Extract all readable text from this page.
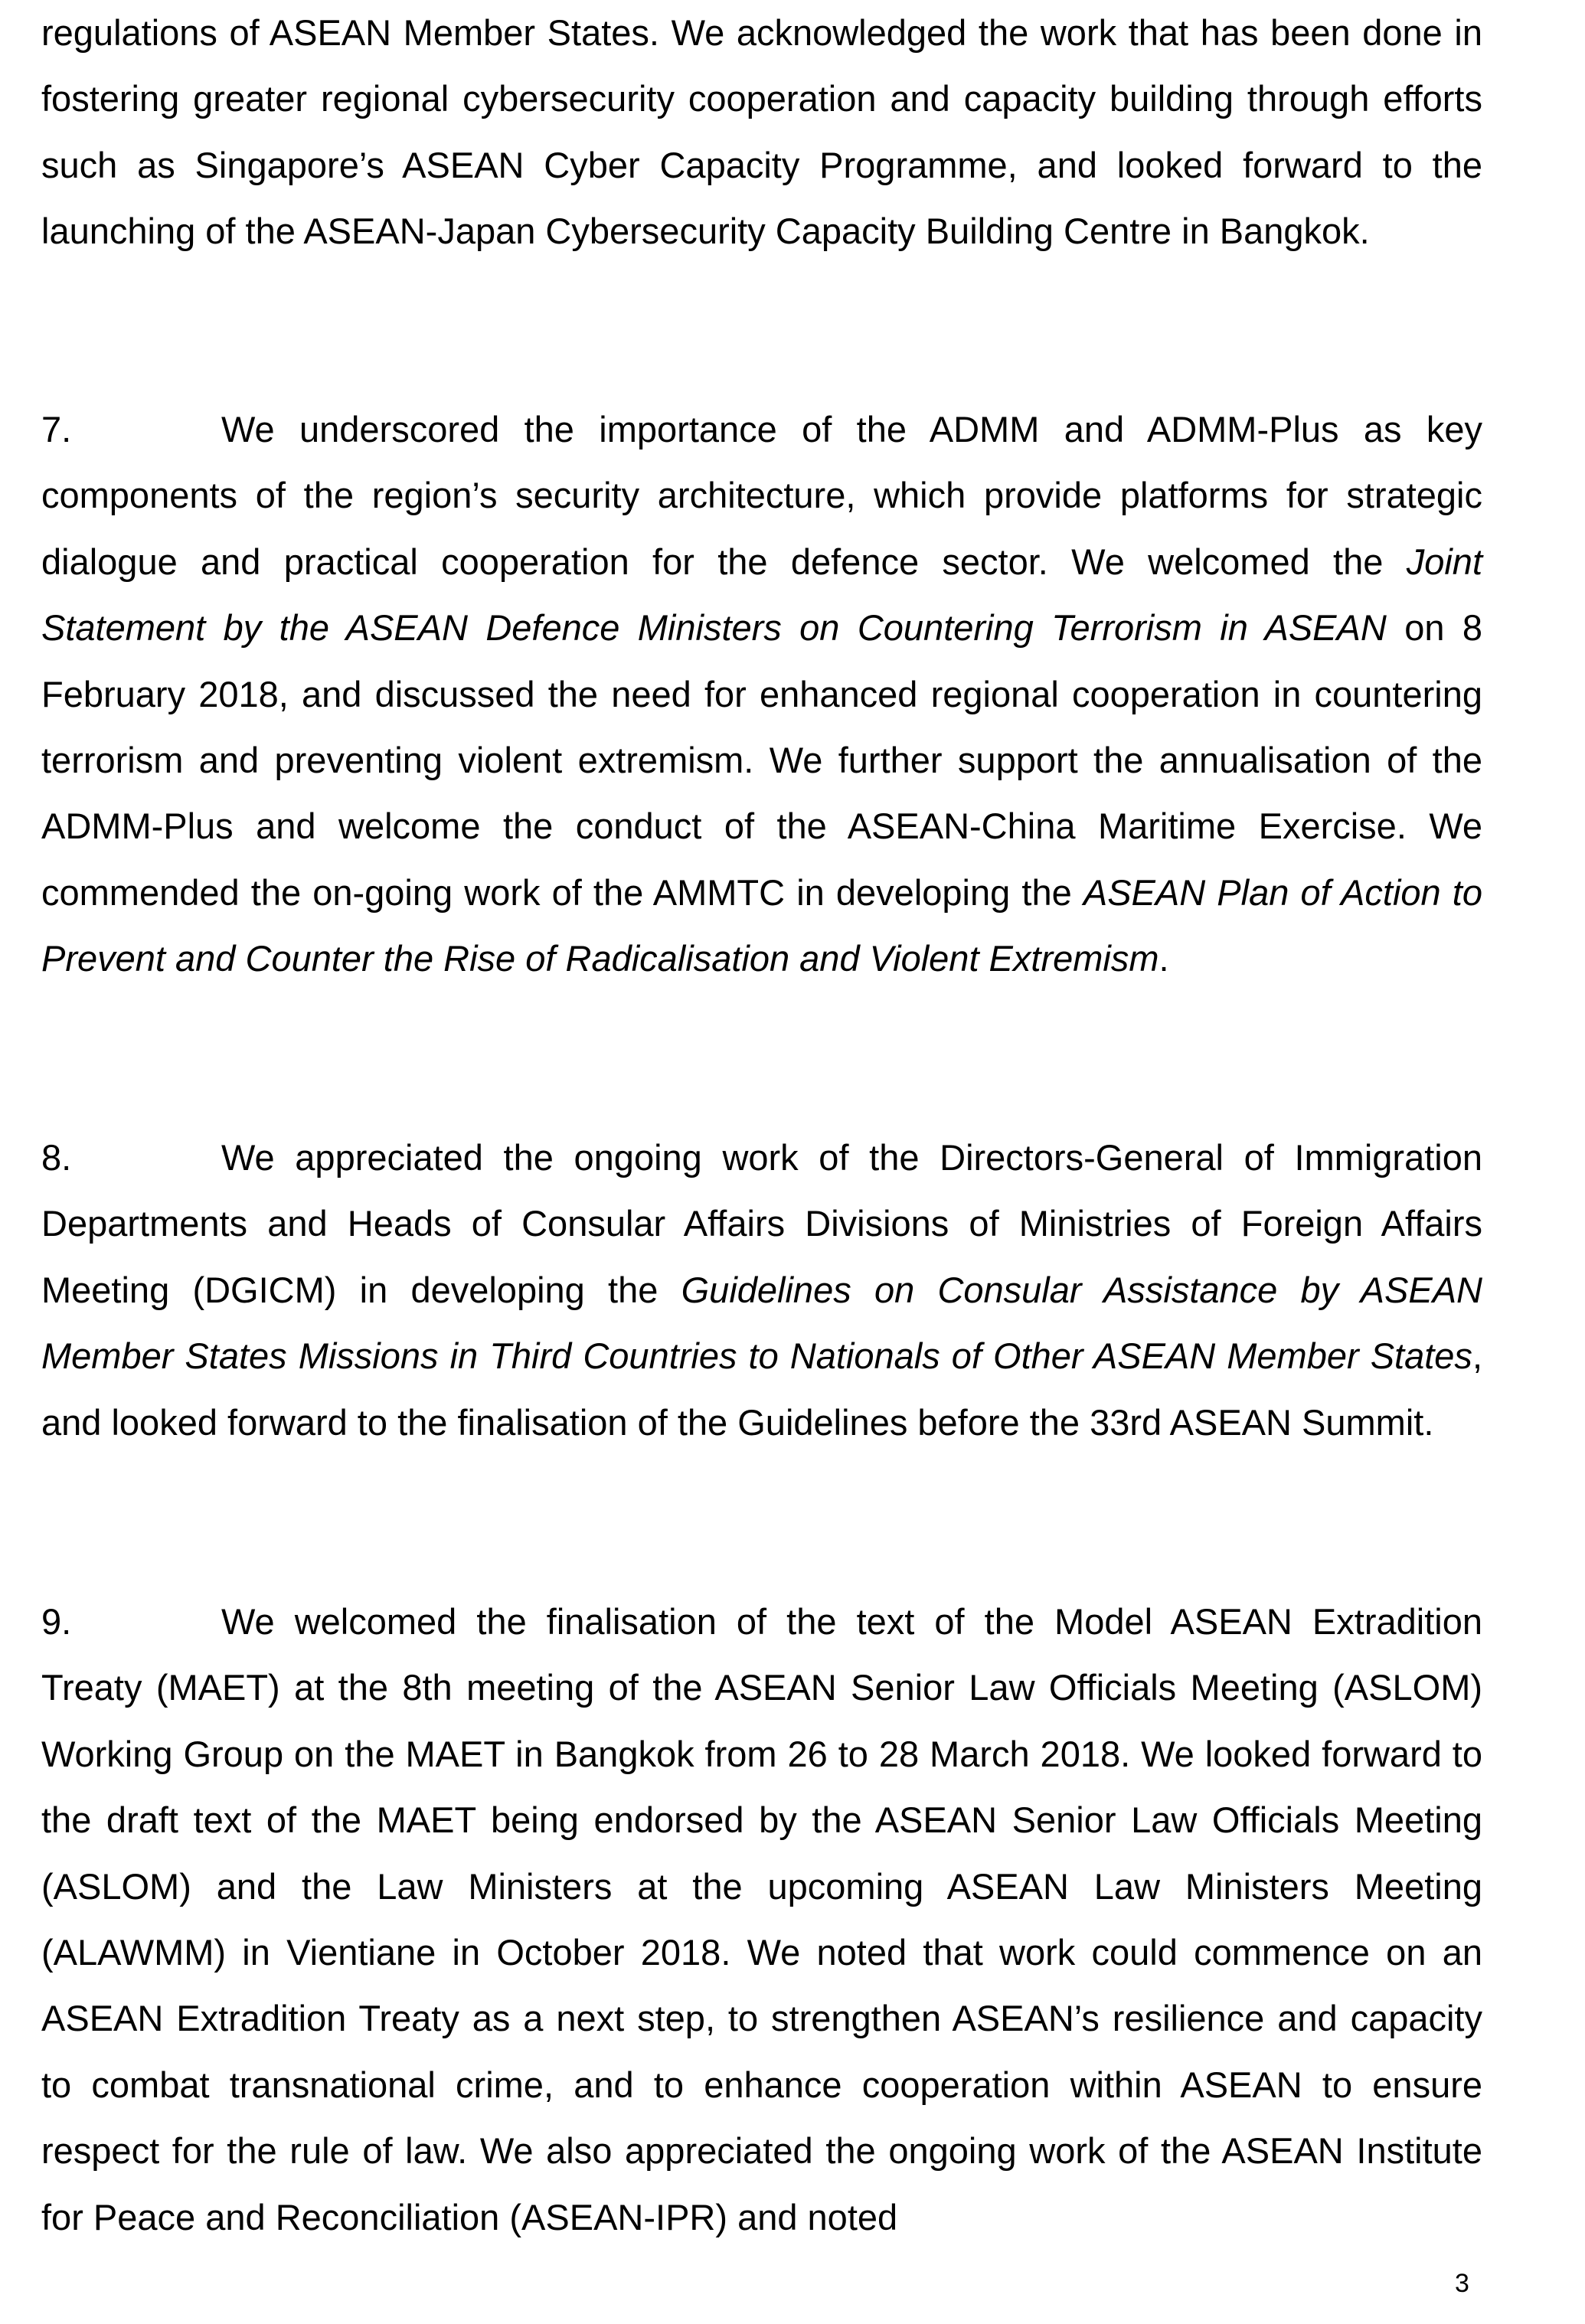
regulations of ASEAN Member States. We acknowledged the work that has been done in fostering greater regional cybersecurity cooperation and capacity building through efforts such as Singapore’s ASEAN Cyber Capacity Programme, and looked forward to the launching of the ASEAN-Japan Cybersecurity Capacity Building Centre in Bangkok.

7.	We underscored the importance of the ADMM and ADMM-Plus as key components of the region’s security architecture, which provide platforms for strategic dialogue and practical cooperation for the defence sector. We welcomed the Joint Statement by the ASEAN Defence Ministers on Countering Terrorism in ASEAN on 8 February 2018, and discussed the need for enhanced regional cooperation in countering terrorism and preventing violent extremism. We further support the annualisation of the ADMM-Plus and welcome the conduct of the ASEAN-China Maritime Exercise. We commended the on-going work of the AMMTC in developing the ASEAN Plan of Action to Prevent and Counter the Rise of Radicalisation and Violent Extremism.

8.	We appreciated the ongoing work of the Directors-General of Immigration Departments and Heads of Consular Affairs Divisions of Ministries of Foreign Affairs Meeting (DGICM) in developing the Guidelines on Consular Assistance by ASEAN Member States Missions in Third Countries to Nationals of Other ASEAN Member States, and looked forward to the finalisation of the Guidelines before the 33rd ASEAN Summit.

9.	We welcomed the finalisation of the text of the Model ASEAN Extradition Treaty (MAET) at the 8th meeting of the ASEAN Senior Law Officials Meeting (ASLOM) Working Group on the MAET in Bangkok from 26 to 28 March 2018. We looked forward to the draft text of the MAET being endorsed by the ASEAN Senior Law Officials Meeting (ASLOM) and the Law Ministers at the upcoming ASEAN Law Ministers Meeting (ALAWMM) in Vientiane in October 2018. We noted that work could commence on an ASEAN Extradition Treaty as a next step, to strengthen ASEAN’s resilience and capacity to combat transnational crime, and to enhance cooperation within ASEAN to ensure respect for the rule of law. We also appreciated the ongoing work of the ASEAN Institute for Peace and Reconciliation (ASEAN-IPR) and noted

3
